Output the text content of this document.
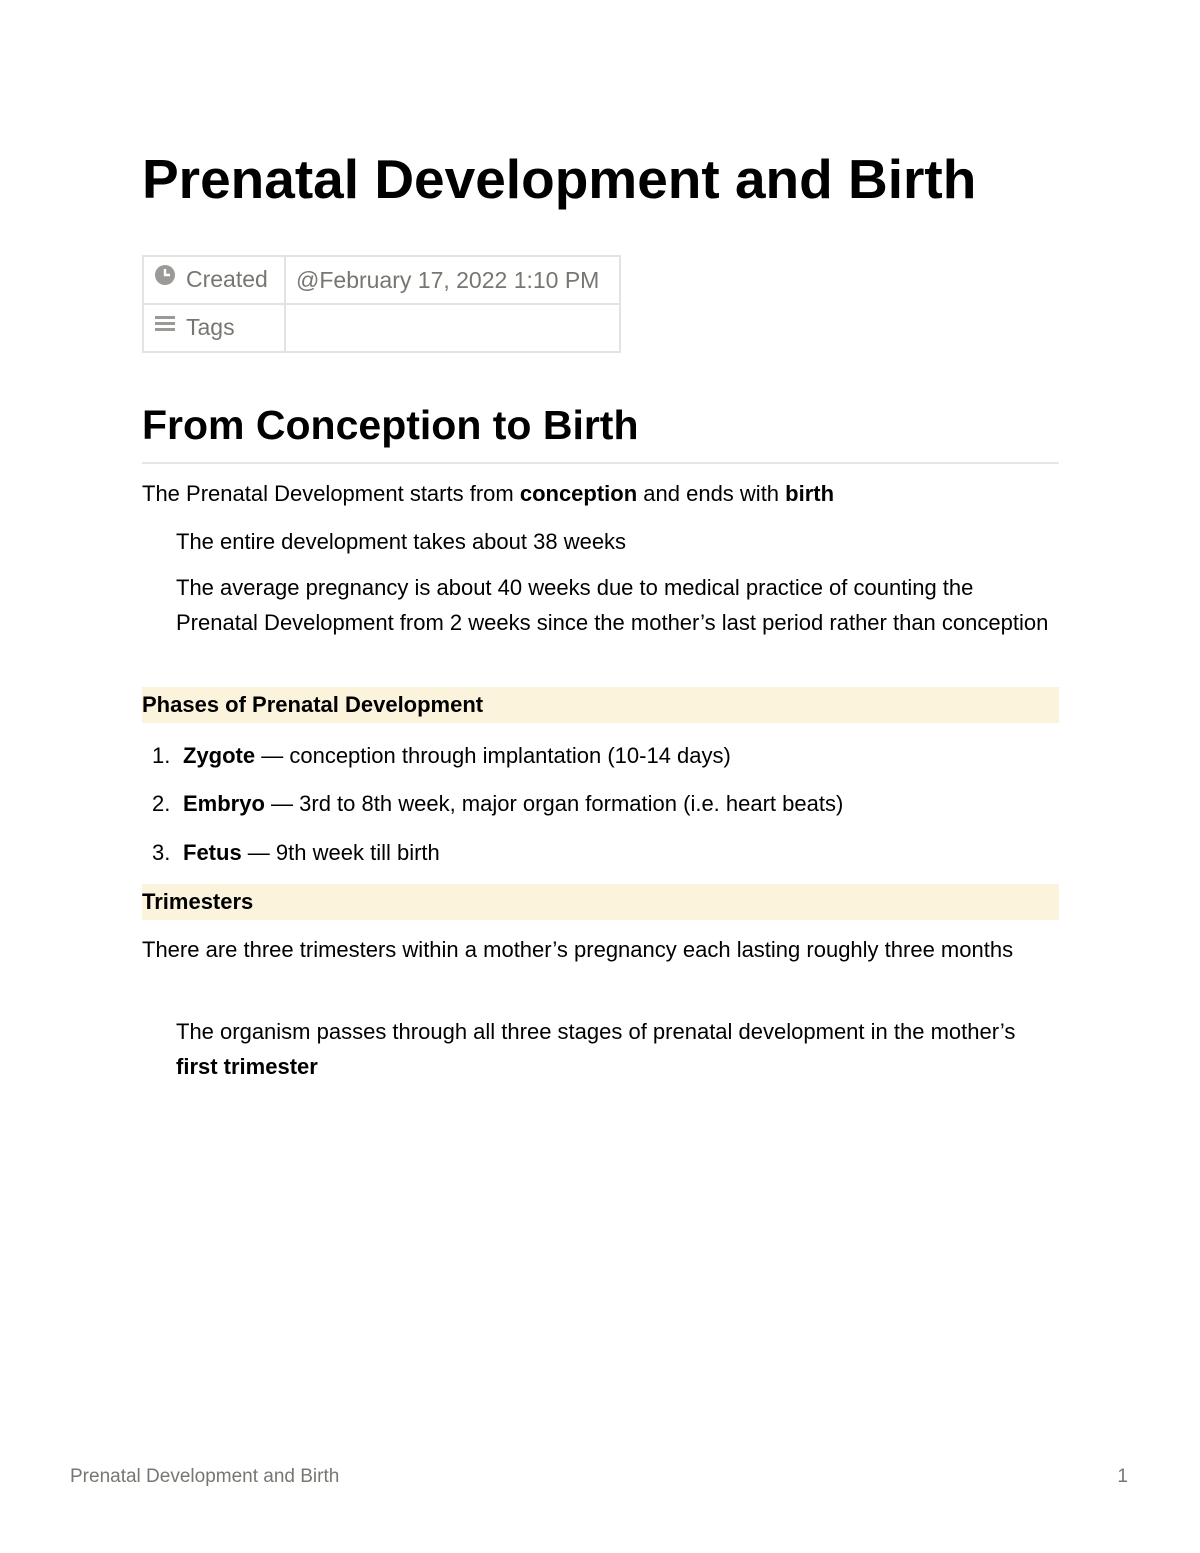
Prenatal Development and Birth
Created	@February 17, 2022 1:10 PM
Tags	
From Conception to Birth

The Prenatal Development starts from conception and ends with birth

The entire development takes about 38 weeks

The average pregnancy is about 40 weeks due to medical practice of counting the Prenatal Development from 2 weeks since the mother’s last period rather than conception

Phases of Prenatal Development
1. Zygote — conception through implantation (10-14 days)
2. Embryo — 3rd to 8th week, major organ formation (i.e. heart beats)
3. Fetus — 9th week till birth
Trimesters

There are three trimesters within a mother’s pregnancy each lasting roughly three months

The organism passes through all three stages of prenatal development in the mother’s first trimester

Prenatal Development and Birth	1
